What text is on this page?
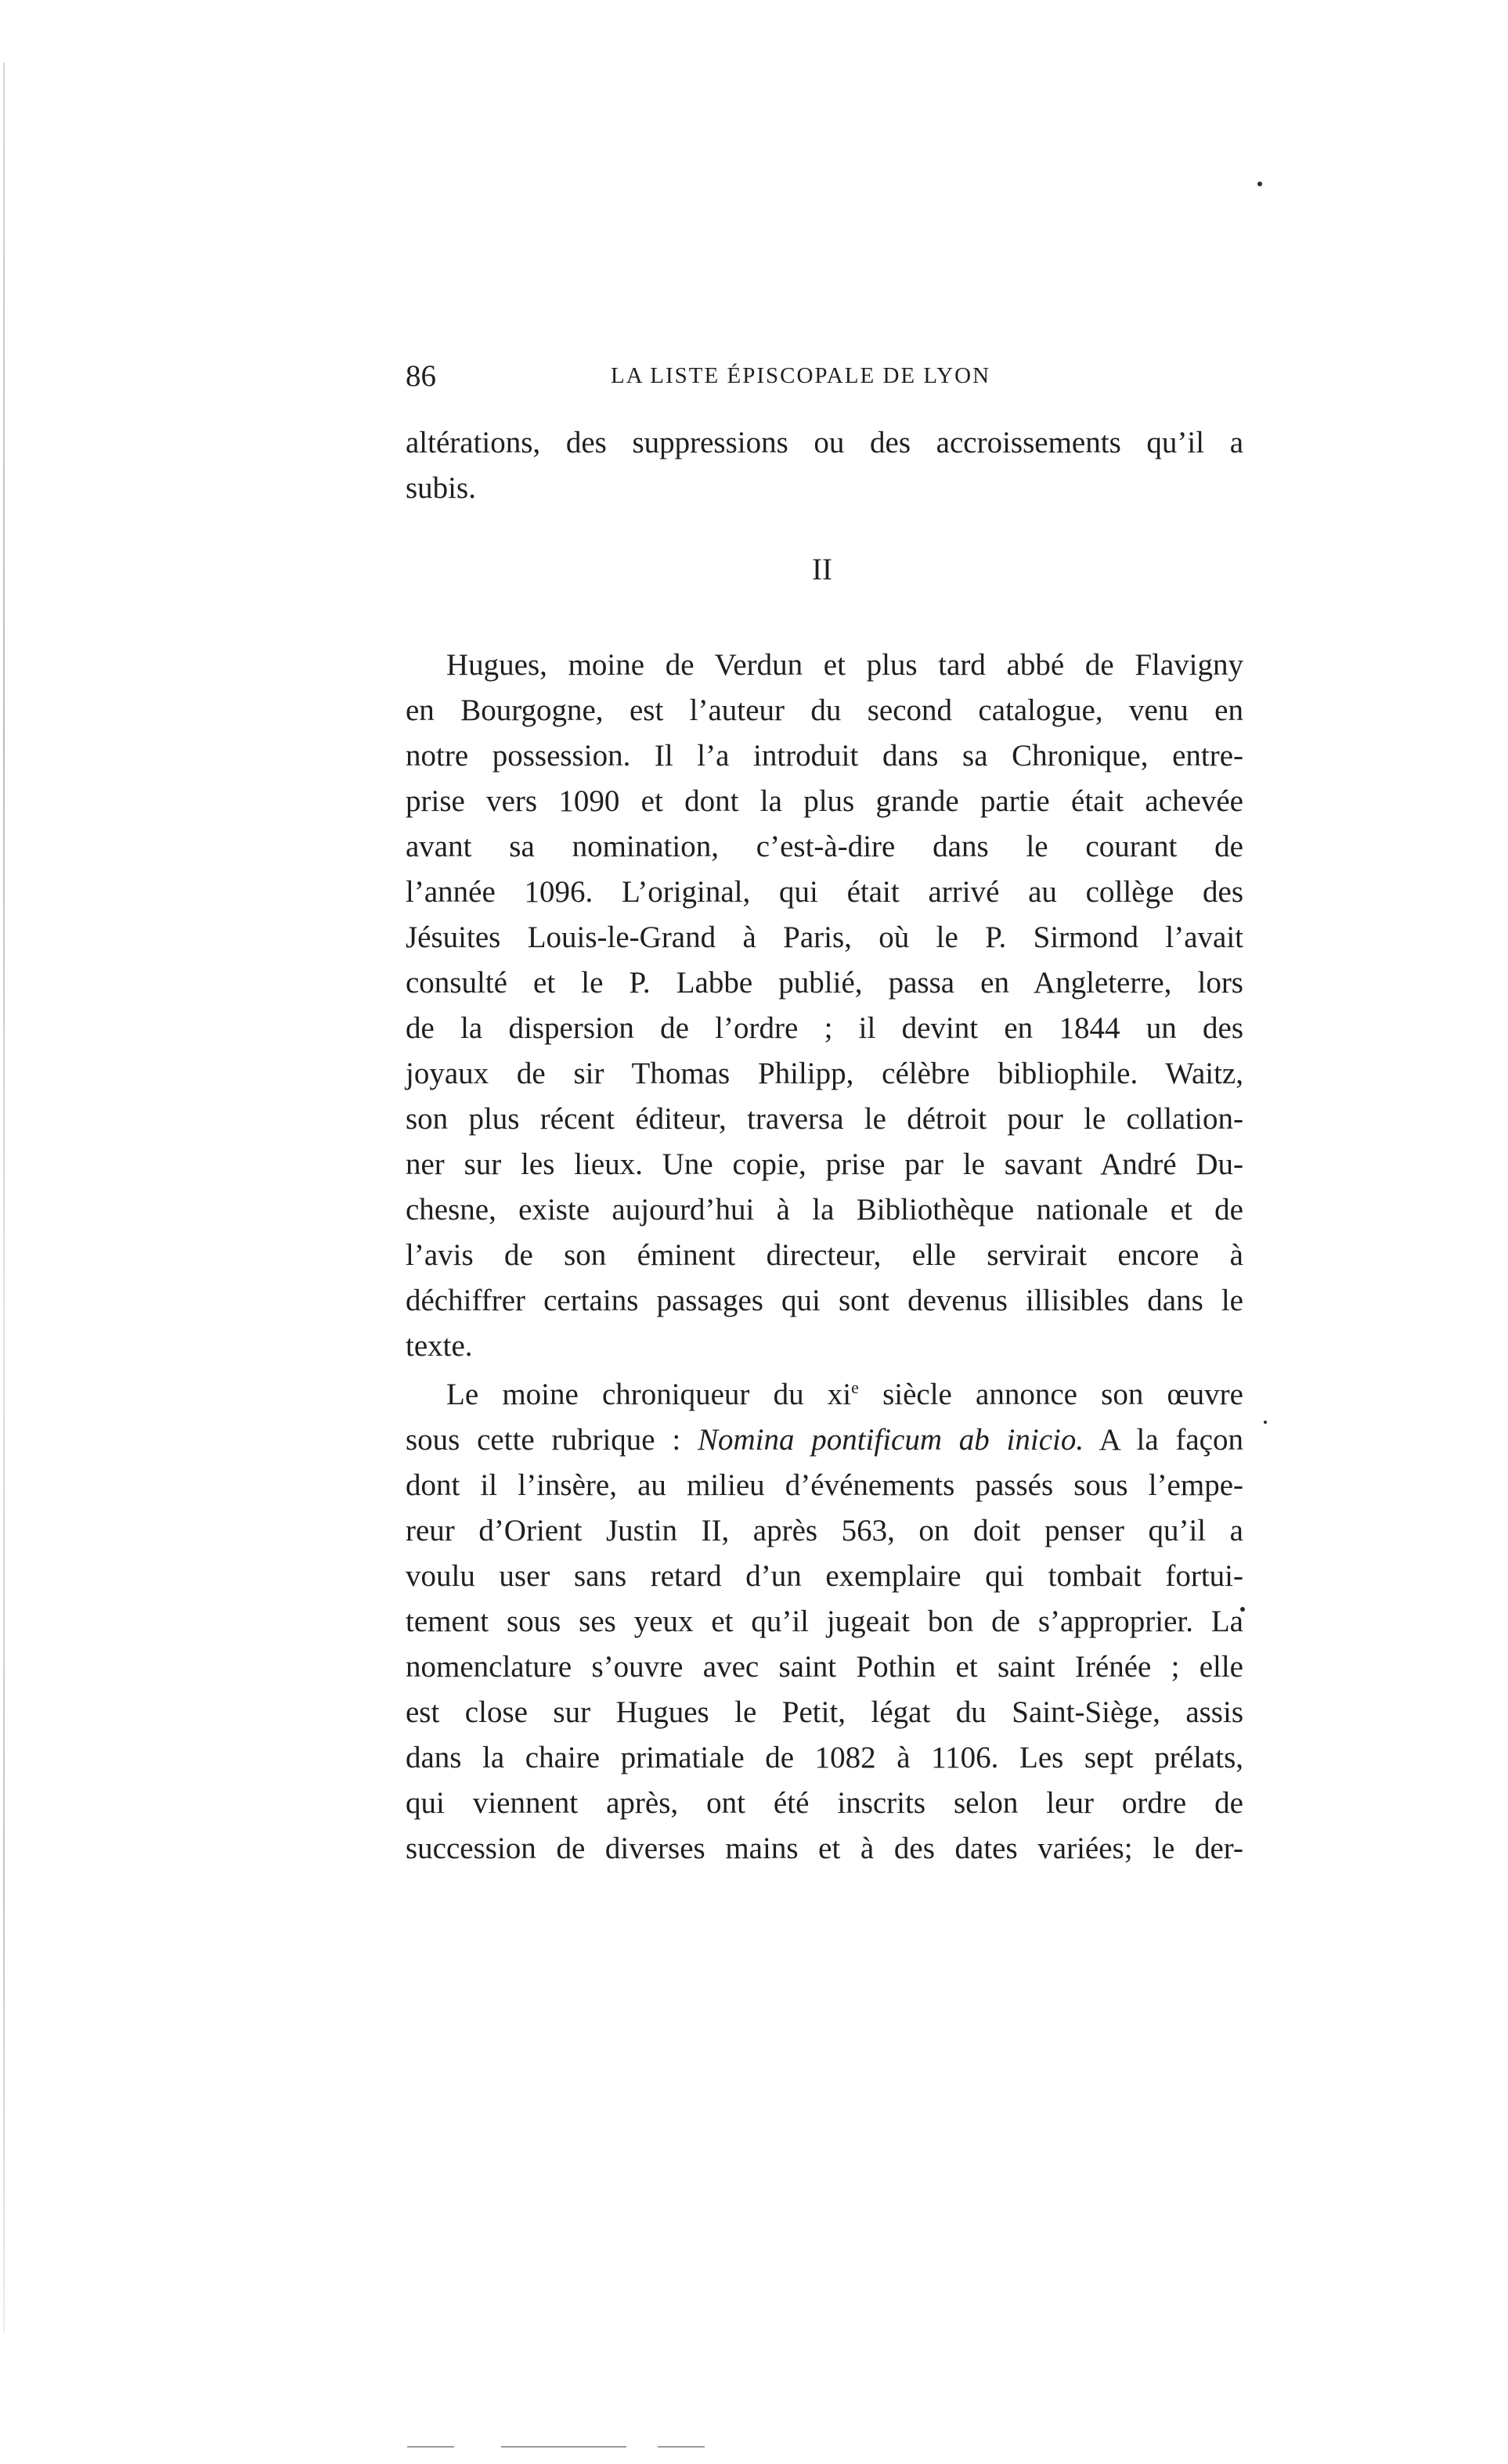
86	LA LISTE ÉPISCOPALE DE LYON
altérations, des suppressions ou des accroissements qu’il a
subis.
II
Hugues, moine de Verdun et plus tard abbé de Flavigny
en Bourgogne, est l’auteur du second catalogue, venu en
notre possession. Il l’a introduit dans sa Chronique, entre-
prise vers 1090 et dont la plus grande partie était achevée
avant sa nomination, c’est-à-dire dans le courant de
l’année 1096. L’original, qui était arrivé au collège des
Jésuites Louis-le-Grand à Paris, où le P. Sirmond l’avait
consulté et le P. Labbe publié, passa en Angleterre, lors
de la dispersion de l’ordre ; il devint en 1844 un des
joyaux de sir Thomas Philipp, célèbre bibliophile. Waitz,
son plus récent éditeur, traversa le détroit pour le collation-
ner sur les lieux. Une copie, prise par le savant André Du-
chesne, existe aujourd’hui à la Bibliothèque nationale et de
l’avis de son éminent directeur, elle servirait encore à
déchiffrer certains passages qui sont devenus illisibles dans le
texte.
Le moine chroniqueur du $xi^e$ siècle annonce son œuvre
sous cette rubrique : Nomina pontificum ab inicio. A la façon
dont il l’insère, au milieu d’événements passés sous l’empe-
reur d’Orient Justin II, après 563, on doit penser qu’il a
voulu user sans retard d’un exemplaire qui tombait fortui-
tement sous ses yeux et qu’il jugeait bon de s’approprier. La
nomenclature s’ouvre avec saint Pothin et saint Irénée ; elle
est close sur Hugues le Petit, légat du Saint-Siège, assis
dans la chaire primatiale de 1082 à 1106. Les sept prélats,
qui viennent après, ont été inscrits selon leur ordre de
succession de diverses mains et à des dates variées; le der-
